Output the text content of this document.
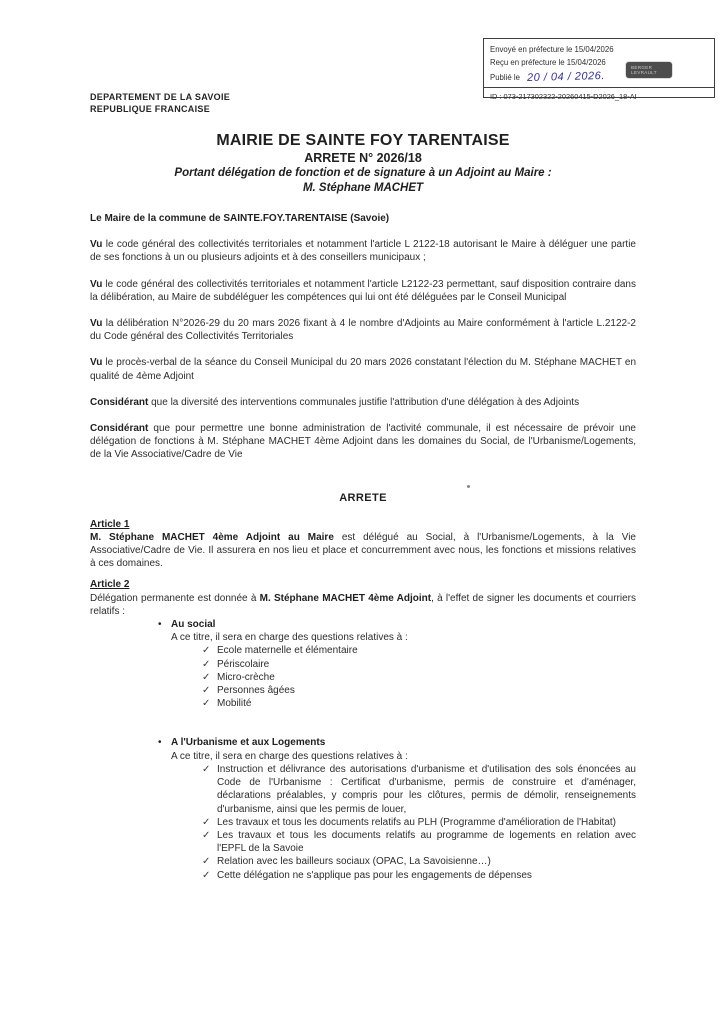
Envoyé en préfecture le 15/04/2026
Reçu en préfecture le 15/04/2026
Publié le 20 / 04 / 2026.
ID : 073-217302322-20260415-D2026_18-AI
BERGER
LEVRAULT
DEPARTEMENT DE LA SAVOIE
REPUBLIQUE FRANCAISE
MAIRIE DE SAINTE FOY TARENTAISE
ARRETE N° 2026/18
Portant délégation de fonction et de signature à un Adjoint au Maire :
M. Stéphane MACHET
Le Maire de la commune de SAINTE.FOY.TARENTAISE (Savoie)

Vu le code général des collectivités territoriales et notamment l'article L 2122-18 autorisant le Maire à déléguer une partie de ses fonctions à un ou plusieurs adjoints et à des conseillers municipaux ;

Vu le code général des collectivités territoriales et notamment l'article L2122-23 permettant, sauf disposition contraire dans la délibération, au Maire de subdéléguer les compétences qui lui ont été déléguées par le Conseil Municipal

Vu la délibération N°2026-29 du 20 mars 2026 fixant à 4 le nombre d'Adjoints au Maire conformément à l'article L.2122-2 du Code général des Collectivités Territoriales

Vu le procès-verbal de la séance du Conseil Municipal du 20 mars 2026 constatant l'élection du M. Stéphane MACHET en qualité de 4ème Adjoint

Considérant que la diversité des interventions communales justifie l'attribution d'une délégation à des Adjoints

Considérant que pour permettre une bonne administration de l'activité communale, il est nécessaire de prévoir une délégation de fonctions à M. Stéphane MACHET 4ème Adjoint dans les domaines du Social, de l'Urbanisme/Logements, de la Vie Associative/Cadre de Vie

ARRETE
Article 1

M. Stéphane MACHET 4ème Adjoint au Maire est délégué au Social, à l'Urbanisme/Logements, à la Vie Associative/Cadre de Vie. Il assurera en nos lieu et place et concurremment avec nous, les fonctions et missions relatives à ces domaines.

Article 2

Délégation permanente est donnée à M. Stéphane MACHET 4ème Adjoint, à l'effet de signer les documents et courriers relatifs :

• Au social
A ce titre, il sera en charge des questions relatives à :
✓ Ecole maternelle et élémentaire
✓ Périscolaire
✓ Micro-crèche
✓ Personnes âgées
✓ Mobilité
• A l'Urbanisme et aux Logements
A ce titre, il sera en charge des questions relatives à :
✓ Instruction et délivrance des autorisations d'urbanisme et d'utilisation des sols énoncées au Code de l'Urbanisme : Certificat d'urbanisme, permis de construire et d'aménager, déclarations préalables, y compris pour les clôtures, permis de démolir, renseignements d'urbanisme, ainsi que les permis de louer,
✓ Les travaux et tous les documents relatifs au PLH (Programme d'amélioration de l'Habitat)
✓ Les travaux et tous les documents relatifs au programme de logements en relation avec l'EPFL de la Savoie
✓ Relation avec les bailleurs sociaux (OPAC, La Savoisienne…)
✓ Cette délégation ne s'applique pas pour les engagements de dépenses
